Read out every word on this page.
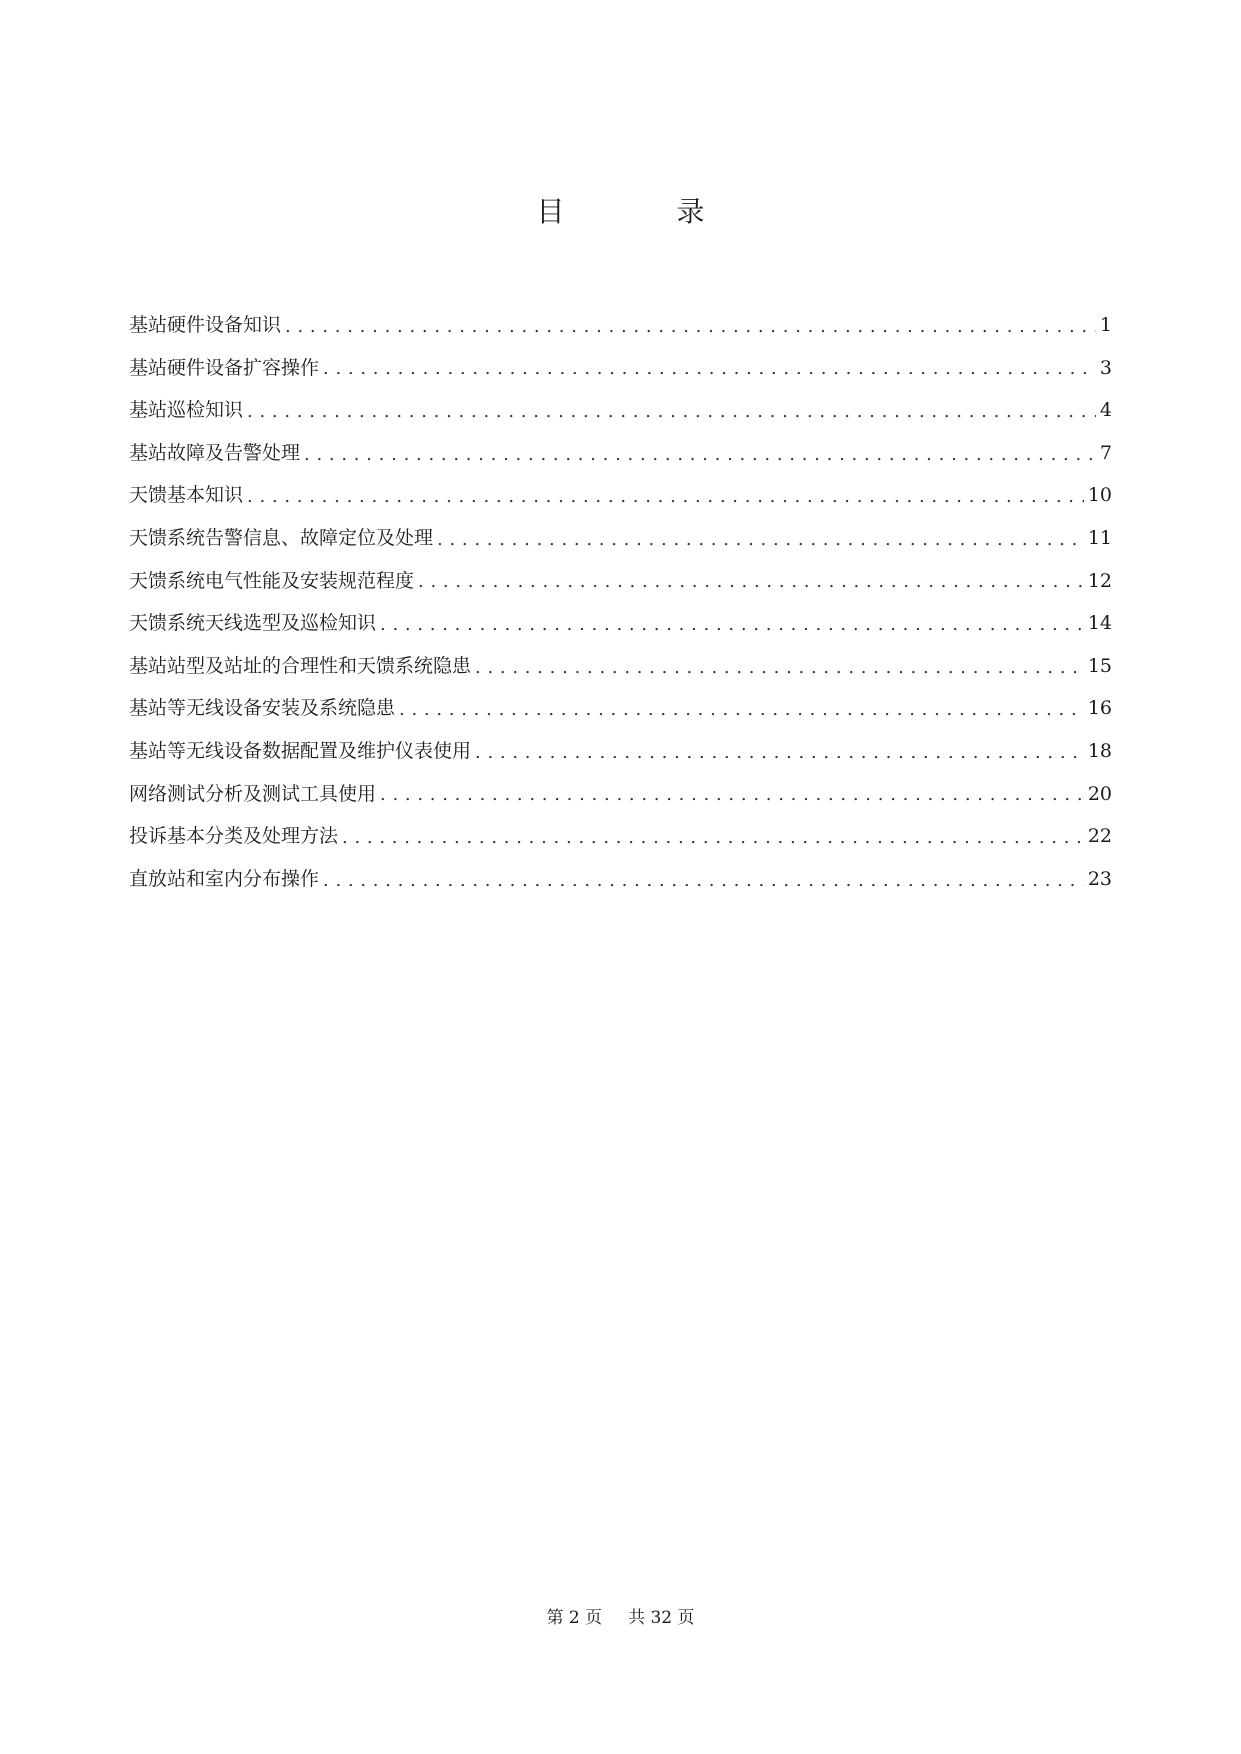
目　录
基站硬件设备知识 . . .	1
基站硬件设备扩容操作 . . .	3
基站巡检知识 . . .	4
基站故障及告警处理 . . .	7
天馈基本知识 . . .	10
天馈系统告警信息、故障定位及处理 . . .	11
天馈系统电气性能及安装规范程度 . . .	12
天馈系统天线选型及巡检知识 . . .	14
基站站型及站址的合理性和天馈系统隐患 . . .	15
基站等无线设备安装及系统隐患 . . .	16
基站等无线设备数据配置及维护仪表使用 . . .	18
网络测试分析及测试工具使用 . . .	20
投诉基本分类及处理方法 . . .	22
直放站和室内分布操作 . . .	23
第 2 页 共 32 页
